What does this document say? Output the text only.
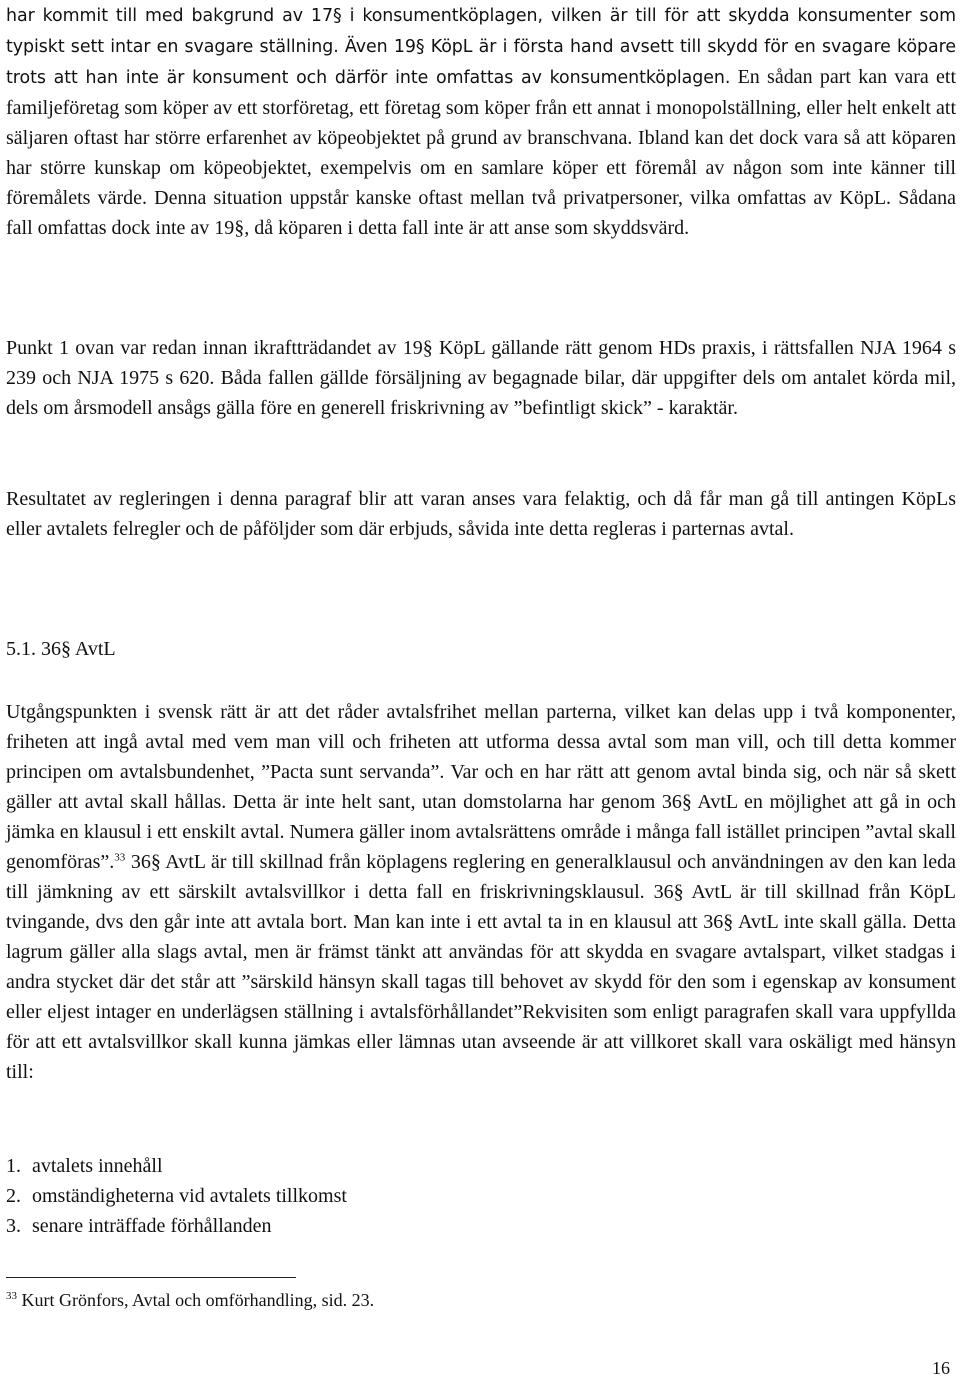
har kommit till med bakgrund av 17§ i konsumentköplagen, vilken är till för att skydda konsumenter som typiskt sett intar en svagare ställning. Även 19§ KöpL är i första hand avsett till skydd för en svagare köpare trots att han inte är konsument och därför inte omfattas av konsumentköplagen. En sådan part kan vara ett familjeföretag som köper av ett storföretag, ett företag som köper från ett annat i monopolställning, eller helt enkelt att säljaren oftast har större erfarenhet av köpeobjektet på grund av branschvana. Ibland kan det dock vara så att köparen har större kunskap om köpeobjektet, exempelvis om en samlare köper ett föremål av någon som inte känner till föremålets värde. Denna situation uppstår kanske oftast mellan två privatpersoner, vilka omfattas av KöpL. Sådana fall omfattas dock inte av 19§, då köparen i detta fall inte är att anse som skyddsvärd.

Punkt 1 ovan var redan innan ikraftträdandet av 19§ KöpL gällande rätt genom HDs praxis, i rättsfallen NJA 1964 s 239 och NJA 1975 s 620. Båda fallen gällde försäljning av begagnade bilar, där uppgifter dels om antalet körda mil, dels om årsmodell ansågs gälla före en generell friskrivning av ”befintligt skick” - karaktär.

Resultatet av regleringen i denna paragraf blir att varan anses vara felaktig, och då får man gå till antingen KöpLs eller avtalets felregler och de påföljder som där erbjuds, såvida inte detta regleras i parternas avtal.

5.1. 36§ AvtL

Utgångspunkten i svensk rätt är att det råder avtalsfrihet mellan parterna, vilket kan delas upp i två komponenter, friheten att ingå avtal med vem man vill och friheten att utforma dessa avtal som man vill, och till detta kommer principen om avtalsbundenhet, ”Pacta sunt servanda”. Var och en har rätt att genom avtal binda sig, och när så skett gäller att avtal skall hållas. Detta är inte helt sant, utan domstolarna har genom 36§ AvtL en möjlighet att gå in och jämka en klausul i ett enskilt avtal. Numera gäller inom avtalsrättens område i många fall istället principen ”avtal skall genomföras”.$^{33}$ 36§ AvtL är till skillnad från köplagens reglering en generalklausul och användningen av den kan leda till jämkning av ett särskilt avtalsvillkor i detta fall en friskrivningsklausul. 36§ AvtL är till skillnad från KöpL tvingande, dvs den går inte att avtala bort. Man kan inte i ett avtal ta in en klausul att 36§ AvtL inte skall gälla. Detta lagrum gäller alla slags avtal, men är främst tänkt att användas för att skydda en svagare avtalspart, vilket stadgas i andra stycket där det står att ”särskild hänsyn skall tagas till behovet av skydd för den som i egenskap av konsument eller eljest intager en underlägsen ställning i avtalsförhållandet”Rekvisiten som enligt paragrafen skall vara uppfyllda för att ett avtalsvillkor skall kunna jämkas eller lämnas utan avseende är att villkoret skall vara oskäligt med hänsyn till:

1. avtalets innehåll
2. omständigheterna vid avtalets tillkomst
3. senare inträffade förhållanden
$^{33}$ Kurt Grönfors, Avtal och omförhandling, sid. 23.
16
